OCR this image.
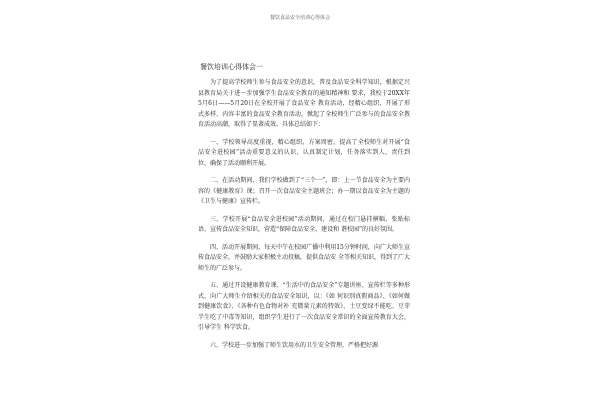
餐饮食品安全培训心得体会
餐饮培训心得体会一

为了提高学校师生参与食品安全的意识，普及食品安全科学知识，根据定兴县教育局关于进一步加强学生食品安全教育的通知精神和 要求，我校于20XX年5月6日——5月20日在全校开展了食品安全 教育活动，经精心组织，开展了形式多样、内容丰富的食品安全教育活动，掀起了全校师生广泛参与的食品安全教育活动高潮，取得了显著成效。具体总结如下：

一、学校领导高度重视，精心组织，方案周密，提高了全校师生对开展“食品安全进校园”活动重要意义的认识，认真制定计划，任务落实到人，责任到位，确保了活动顺利开展。

二、在活动期间，我们学校做到了“三个一”，即：上一节食品安全为主要内容的《健康教育》课；召开一次食品安全主题班会；办一期以食品安全为主题的《卫生与健康》宣传栏。

三、学校开展“食品安全进校园”活动期间，通过在校门悬挂横幅、张贴标语、宣传食品安全知识，营造“保障食品安全，建设和 谐校园”的良好氛围。

四、活动开展期间，每天中午在校园广播中利用15分钟时间，向广大师生宣传食品安全，并鼓励大家积极主动投稿，提供食品安 全等相关知识，得到了广大师生的广泛参与。

五、通过开设健康教育课、“生活中的食品安全”专题讲座、宣传栏等多种形式，向广大师生介绍相关的食品安全知识，以：《如 何识别真假商品》、《如何做到健康饮食》、《各种有色食物对补 充微量元素的特效》、土豆变绿不能吃、豆芽半生吃了中毒等知识，组织学生进行了一次食品安全常识的全面宣传教育大会，引导学生 科学饮食。

六、学校进一步加强了师生饮用水的卫生安全管理，严格把好源
